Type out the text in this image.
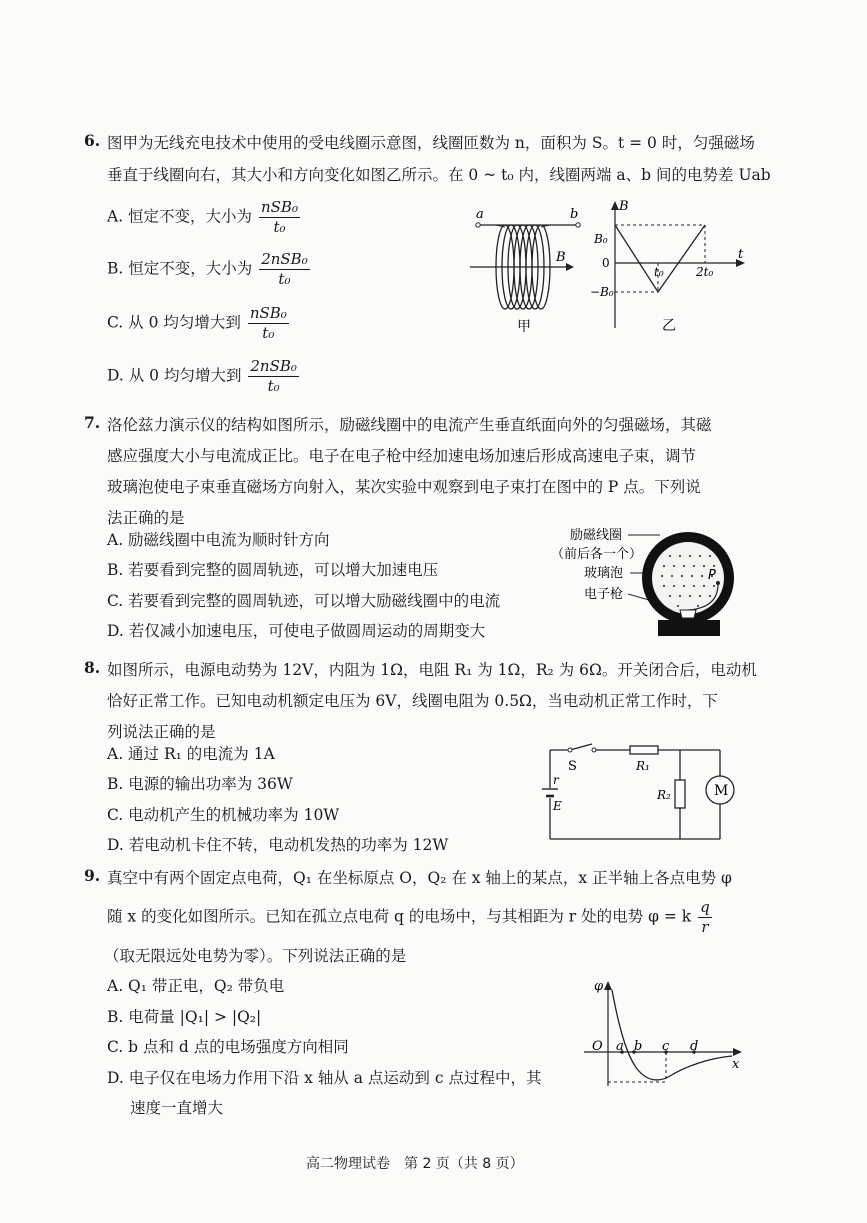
6. 图甲为无线充电技术中使用的受电线圈示意图，线圈匝数为 n，面积为 S。t = 0 时，匀强磁场
垂直于线圈向右，其大小和方向变化如图乙所示。在 0 ~ t₀ 内，线圈两端 a、b 间的电势差 Uab
A. 恒定不变，大小为 $\frac{\text{nSB₀}}{\text{t₀}}$
B. 恒定不变，大小为 $\frac{\text{2nSB₀}}{\text{t₀}}$
C. 从 0 均匀增大到 $\frac{\text{nSB₀}}{\text{t₀}}$
D. 从 0 均匀增大到 $\frac{\text{2nSB₀}}{\text{t₀}}$
a	b
B
甲
B
B₀
0
−B₀
t₀	2t₀
t
乙
7. 洛伦兹力演示仪的结构如图所示，励磁线圈中的电流产生垂直纸面向外的匀强磁场，其磁
感应强度大小与电流成正比。电子在电子枪中经加速电场加速后形成高速电子束，调节
玻璃泡使电子束垂直磁场方向射入，某次实验中观察到电子束打在图中的 P 点。下列说
法正确的是
A. 励磁线圈中电流为顺时针方向
B. 若要看到完整的圆周轨迹，可以增大加速电压
C. 若要看到完整的圆周轨迹，可以增大励磁线圈中的电流
D. 若仅减小加速电压，可使电子做圆周运动的周期变大
励磁线圈
（前后各一个）
玻璃泡
电子枪
P
8. 如图所示，电源电动势为 12V，内阻为 1Ω，电阻 R₁ 为 1Ω，R₂ 为 6Ω。开关闭合后，电动机
恰好正常工作。已知电动机额定电压为 6V，线圈电阻为 0.5Ω，当电动机正常工作时，下
列说法正确的是
A. 通过 R₁ 的电流为 1A
B. 电源的输出功率为 36W
C. 电动机产生的机械功率为 10W
D. 若电动机卡住不转，电动机发热的功率为 12W
S	R₁
R₂	M
r
E
9. 真空中有两个固定点电荷，Q₁ 在坐标原点 O，Q₂ 在 x 轴上的某点，x 正半轴上各点电势 φ
随 x 的变化如图所示。已知在孤立点电荷 q 的电场中，与其相距为 r 处的电势 φ = k $\frac{q}{r}$
（取无限远处电势为零）。下列说法正确的是
A. Q₁ 带正电，Q₂ 带负电
B. 电荷量 |Q₁| > |Q₂|
C. b 点和 d 点的电场强度方向相同
D. 电子仅在电场力作用下沿 x 轴从 a 点运动到 c 点过程中，其
速度一直增大
φ
O a b c d
x
高二物理试卷　第 2 页（共 8 页）
